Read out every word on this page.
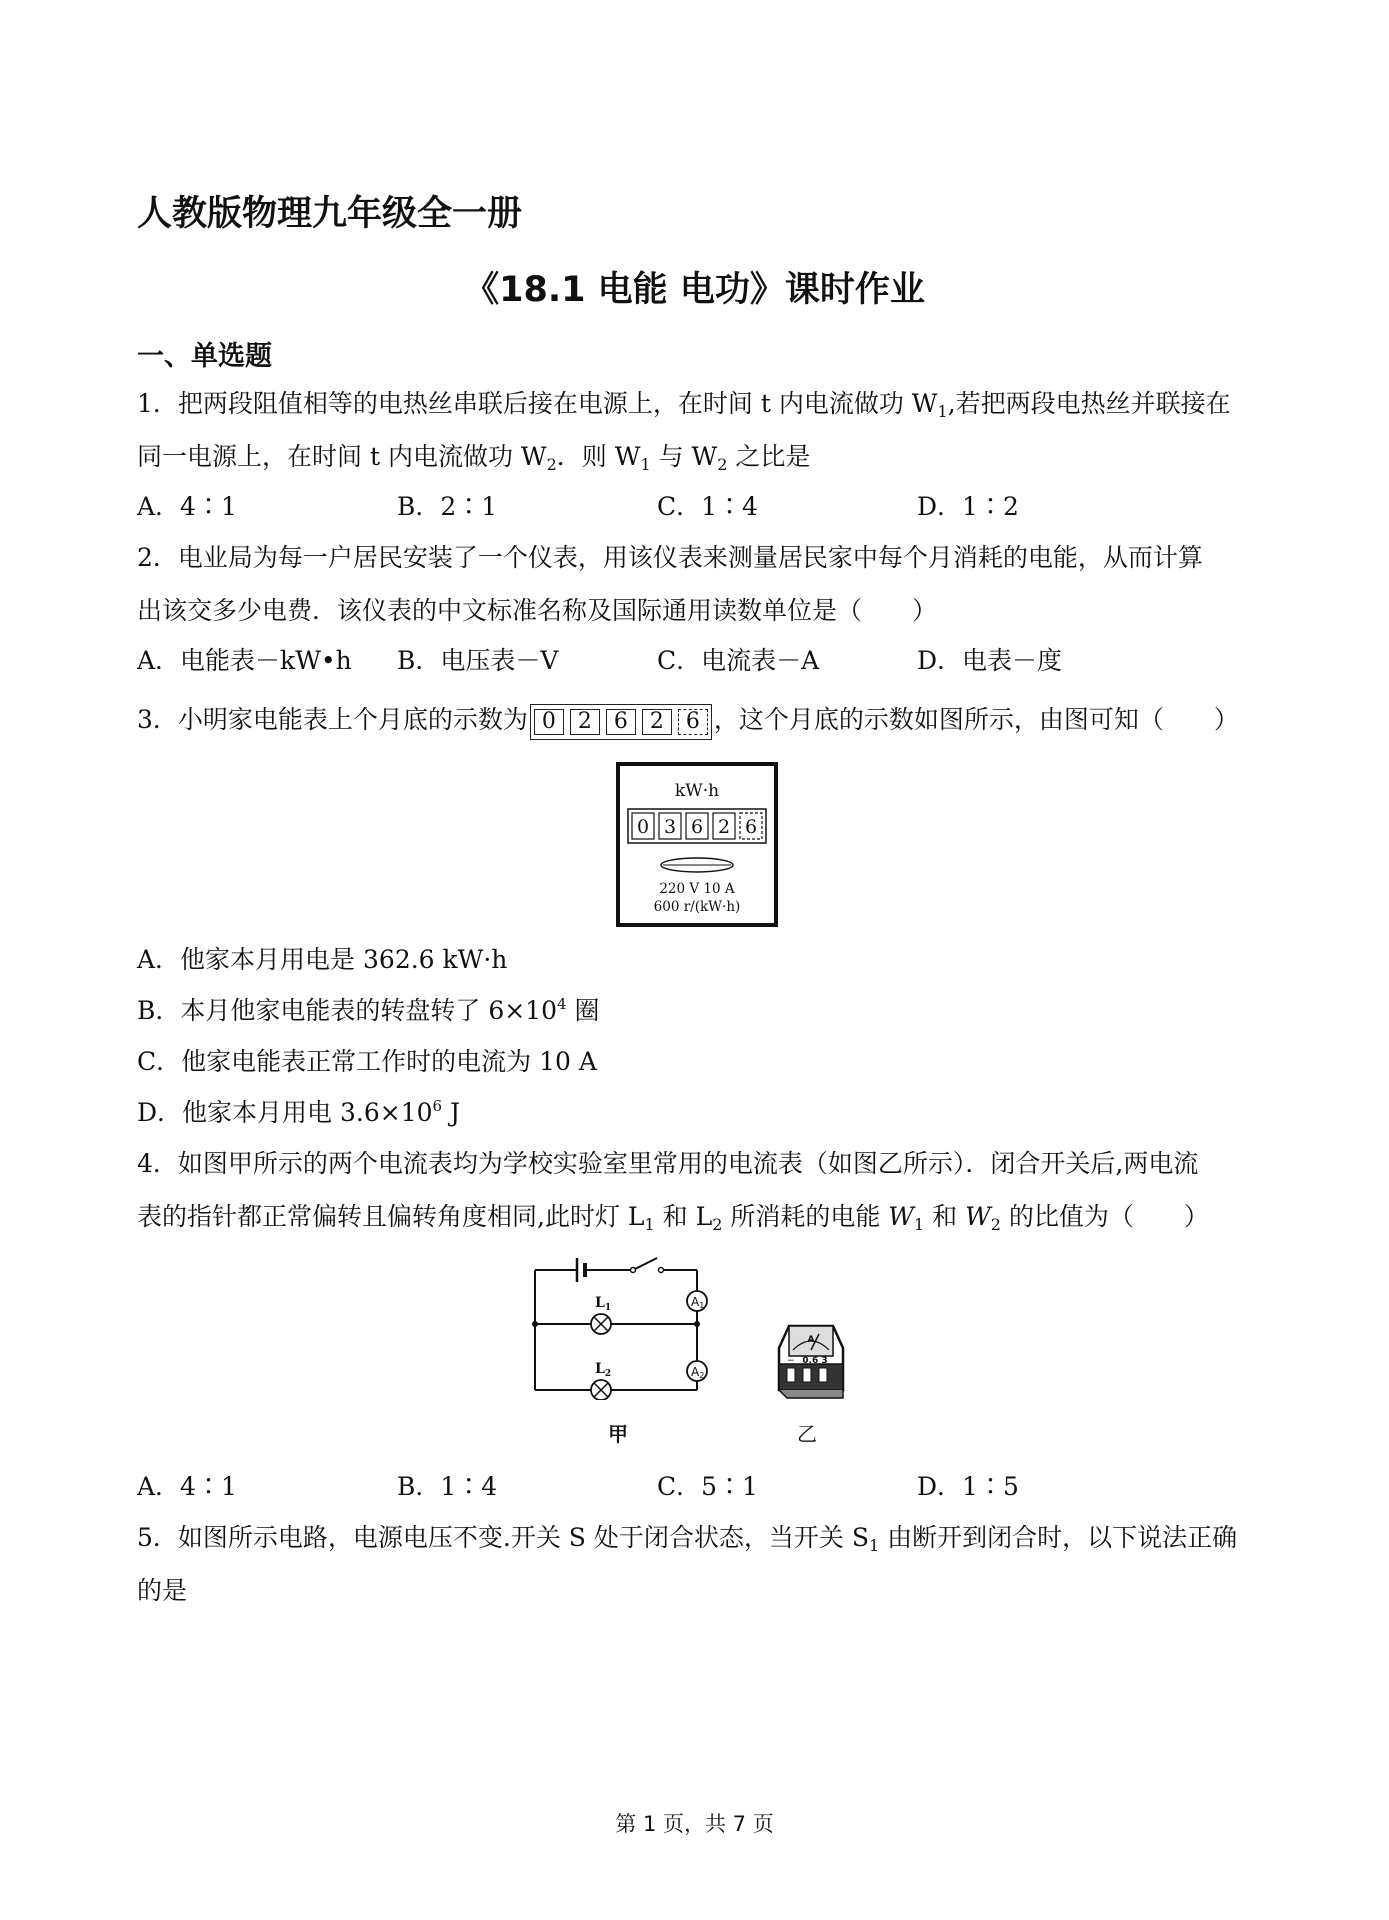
人教版物理九年级全一册
《18.1 电能 电功》课时作业
一、单选题
1．把两段阻值相等的电热丝串联后接在电源上，在时间 t 内电流做功 $W_1$,若把两段电热丝并联接在
同一电源上，在时间 t 内电流做功 $W_2$．则 $W_1$ 与 $W_2$ 之比是
A．4∶1	B．2∶1	C．1∶4	D．1∶2
2．电业局为每一户居民安装了一个仪表，用该仪表来测量居民家中每个月消耗的电能，从而计算
出该交多少电费．该仪表的中文标准名称及国际通用读数单位是（　　）
A．电能表－kW•h B．电压表－V	C．电流表－A	D．电表－度
3．小明家电能表上个月底的示数为 0	2	6	2	6 ，这个月底的示数如图所示，由图可知（　　）
kW·h
0 3 6 2 6
220 V 10 A
600 r/(kW·h)
A．他家本月用电是 362.6 kW·h
B．本月他家电能表的转盘转了 $6\times 10^4$ 圈
C．他家电能表正常工作时的电流为 10 A
D．他家本月用电 $3.6\times 10^6$ J
4．如图甲所示的两个电流表均为学校实验室里常用的电流表（如图乙所示）．闭合开关后,两电流
表的指针都正常偏转且偏转角度相同,此时灯 $L_1$ 和 $L_2$ 所消耗的电能 $W_1$ 和 $W_2$ 的比值为（　　）
$L_1$
$L_2$
A1
A2
A
0.6 3
−
甲	乙
A．4∶1	B．1∶4	C．5∶1	D．1∶5
5．如图所示电路，电源电压不变.开关 S 处于闭合状态，当开关 $S_1$ 由断开到闭合时，以下说法正确
的是
第 1 页，共 7 页
